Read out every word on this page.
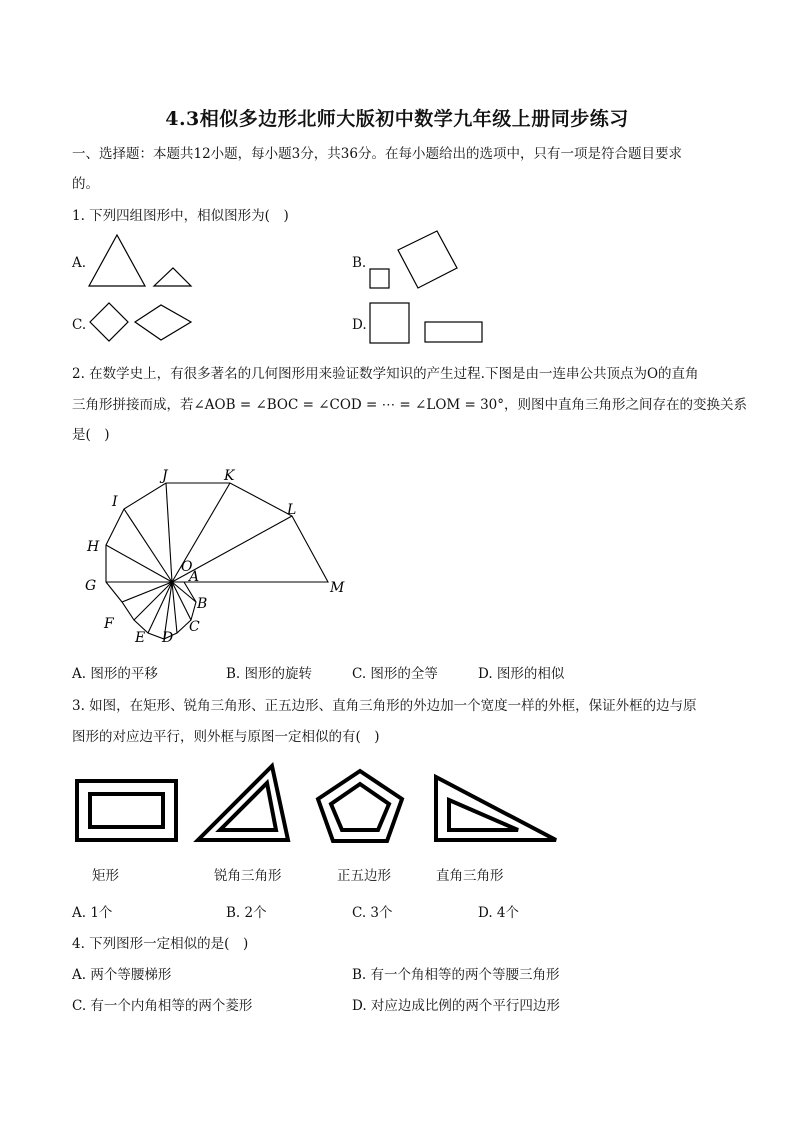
4.3相似多边形北师大版初中数学九年级上册同步练习
一、选择题：本题共12小题，每小题3分，共36分。在每小题给出的选项中，只有一项是符合题目要求
的。
1. 下列四组图形中，相似图形为(　)
A.	B.
C.	D.
2. 在数学史上，有很多著名的几何图形用来验证数学知识的产生过程.下图是由一连串公共顶点为O的直角
三角形拼接而成，若∠AOB = ∠BOC = ∠COD = ⋯ = ∠LOM = 30°，则图中直角三角形之间存在的变换关系
是(　)
J	K
I	L
H
O
A
G	M
B
F	C
E D
A. 图形的平移	B. 图形的旋转	C. 图形的全等	D. 图形的相似
3. 如图，在矩形、锐角三角形、正五边形、直角三角形的外边加一个宽度一样的外框，保证外框的边与原
图形的对应边平行，则外框与原图一定相似的有(　)
矩形	锐角三角形	正五边形	直角三角形
A. 1个	B. 2个	C. 3个	D. 4个
4. 下列图形一定相似的是(　)
A. 两个等腰梯形	B. 有一个角相等的两个等腰三角形
C. 有一个内角相等的两个菱形	D. 对应边成比例的两个平行四边形
